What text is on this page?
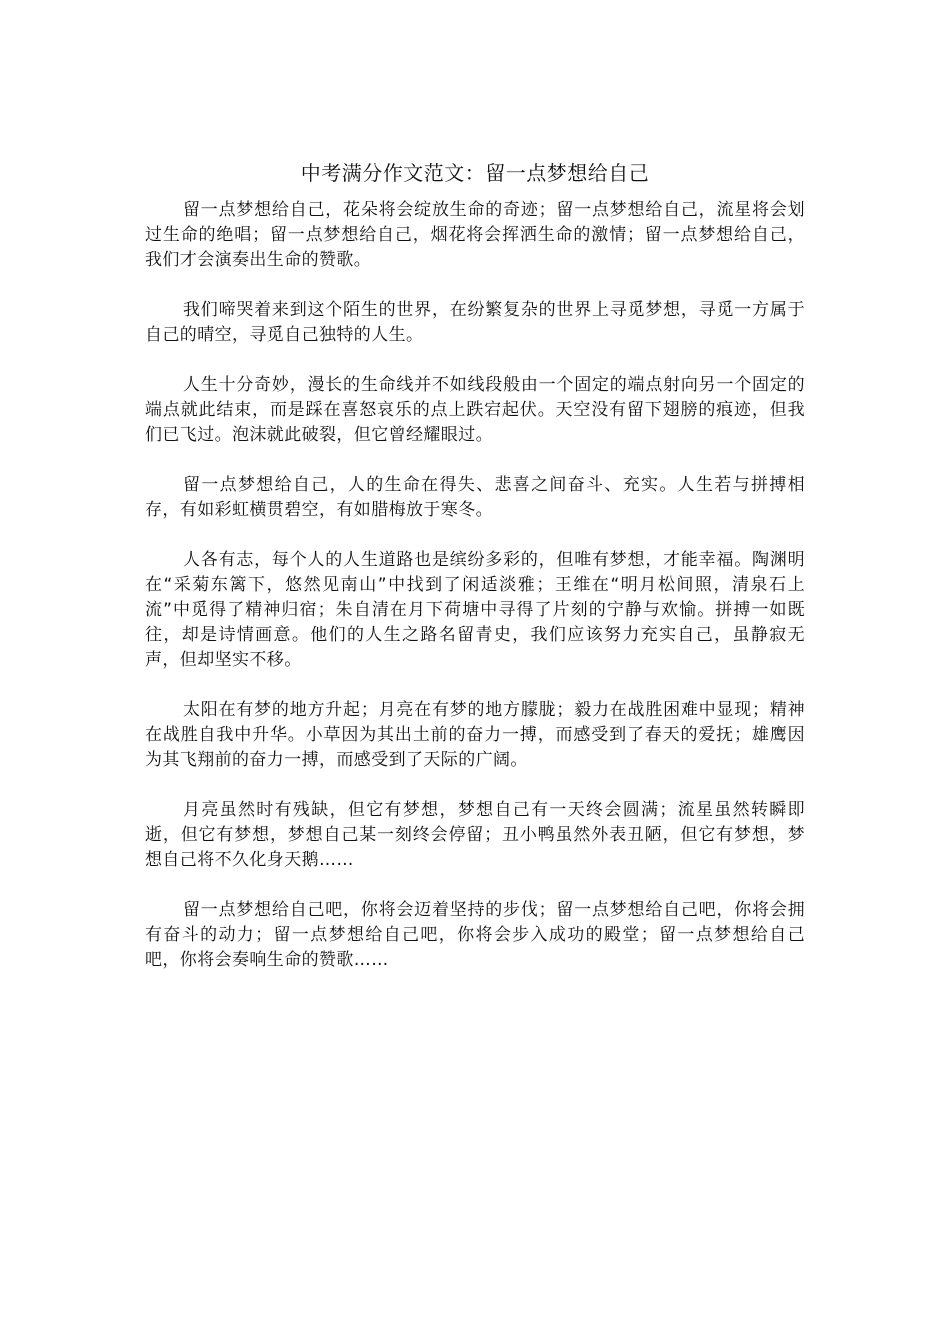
中考满分作文范文：留一点梦想给自己

留一点梦想给自己，花朵将会绽放生命的奇迹；留一点梦想给自己，流星将会划过生命的绝唱；留一点梦想给自己，烟花将会挥洒生命的激情；留一点梦想给自己，我们才会演奏出生命的赞歌。

我们啼哭着来到这个陌生的世界，在纷繁复杂的世界上寻觅梦想，寻觅一方属于自己的晴空，寻觅自己独特的人生。

人生十分奇妙，漫长的生命线并不如线段般由一个固定的端点射向另一个固定的端点就此结束，而是踩在喜怒哀乐的点上跌宕起伏。天空没有留下翅膀的痕迹，但我们已飞过。泡沫就此破裂，但它曾经耀眼过。

留一点梦想给自己，人的生命在得失、悲喜之间奋斗、充实。人生若与拼搏相存，有如彩虹横贯碧空，有如腊梅放于寒冬。

人各有志，每个人的人生道路也是缤纷多彩的，但唯有梦想，才能幸福。陶渊明在“采菊东篱下，悠然见南山”中找到了闲适淡雅；王维在“明月松间照，清泉石上流”中觅得了精神归宿；朱自清在月下荷塘中寻得了片刻的宁静与欢愉。拼搏一如既往，却是诗情画意。他们的人生之路名留青史，我们应该努力充实自己，虽静寂无声，但却坚实不移。

太阳在有梦的地方升起；月亮在有梦的地方朦胧；毅力在战胜困难中显现；精神在战胜自我中升华。小草因为其出土前的奋力一搏，而感受到了春天的爱抚；雄鹰因为其飞翔前的奋力一搏，而感受到了天际的广阔。

月亮虽然时有残缺，但它有梦想，梦想自己有一天终会圆满；流星虽然转瞬即逝，但它有梦想，梦想自己某一刻终会停留；丑小鸭虽然外表丑陋，但它有梦想，梦想自己将不久化身天鹅……

留一点梦想给自己吧，你将会迈着坚持的步伐；留一点梦想给自己吧，你将会拥有奋斗的动力；留一点梦想给自己吧，你将会步入成功的殿堂；留一点梦想给自己吧，你将会奏响生命的赞歌……
